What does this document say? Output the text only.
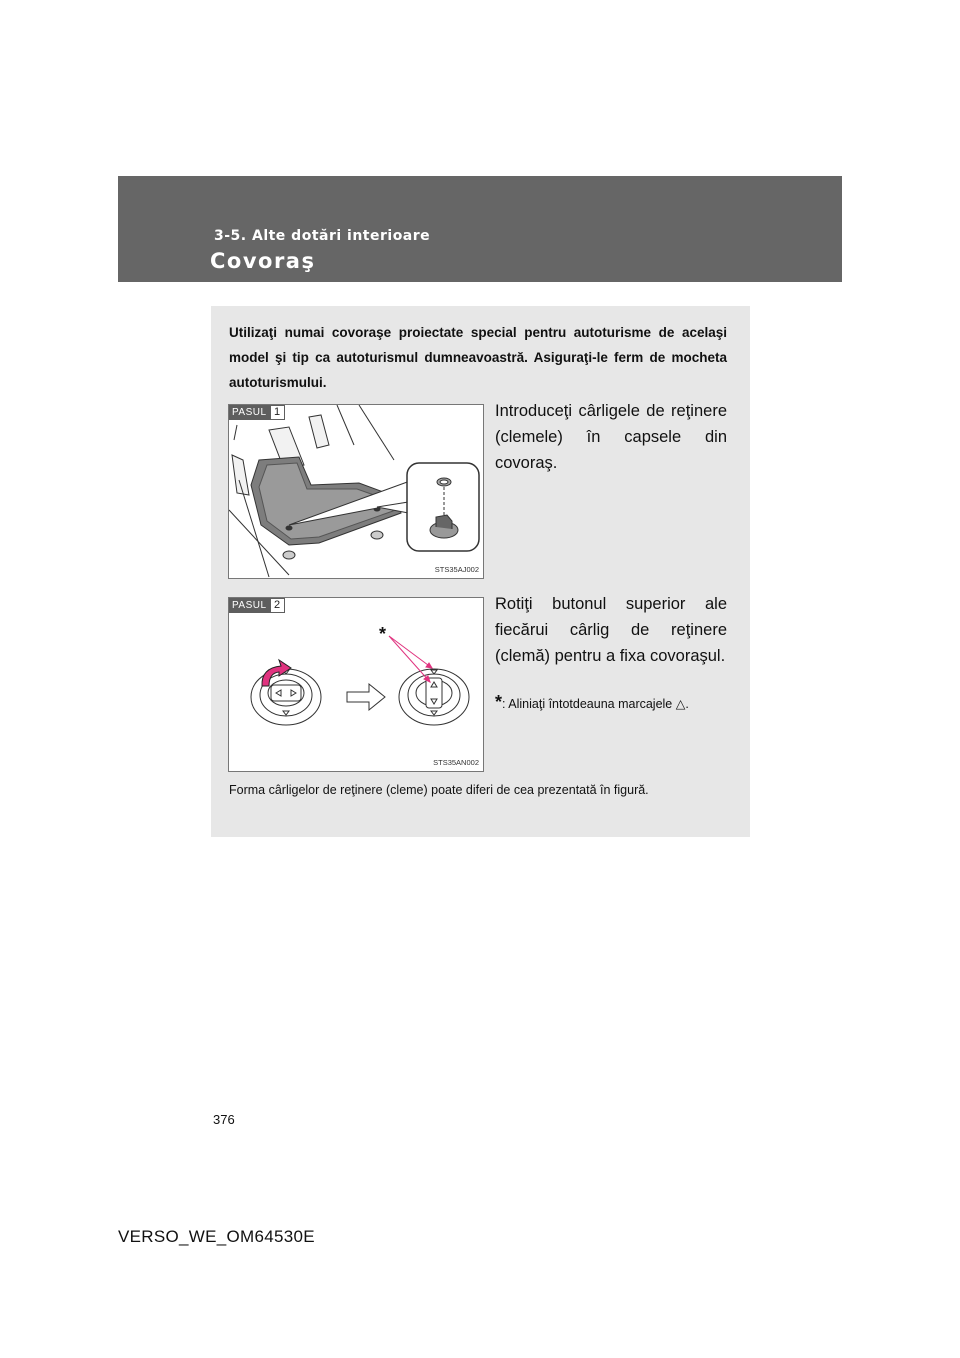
3-5. Alte dotări interioare
Covoraş
Utilizaţi numai covoraşe proiectate special pentru autoturisme de acelaşi model şi tip ca autoturismul dumneavoastră. Asiguraţi-le ferm de mocheta autoturismului.
PASUL 1
STS35AJ002
Introduceţi cârligele de reţinere (clemele) în capsele din covoraş.
*
PASUL 2
STS35AN002
Rotiţi butonul superior ale fiecărui cârlig de reţinere (clemă) pentru a fixa covoraşul.
*: Aliniaţi întotdeauna marcajele △.
Forma cârligelor de reţinere (cleme) poate diferi de cea prezentată în figură.
376
VERSO_WE_OM64530E
